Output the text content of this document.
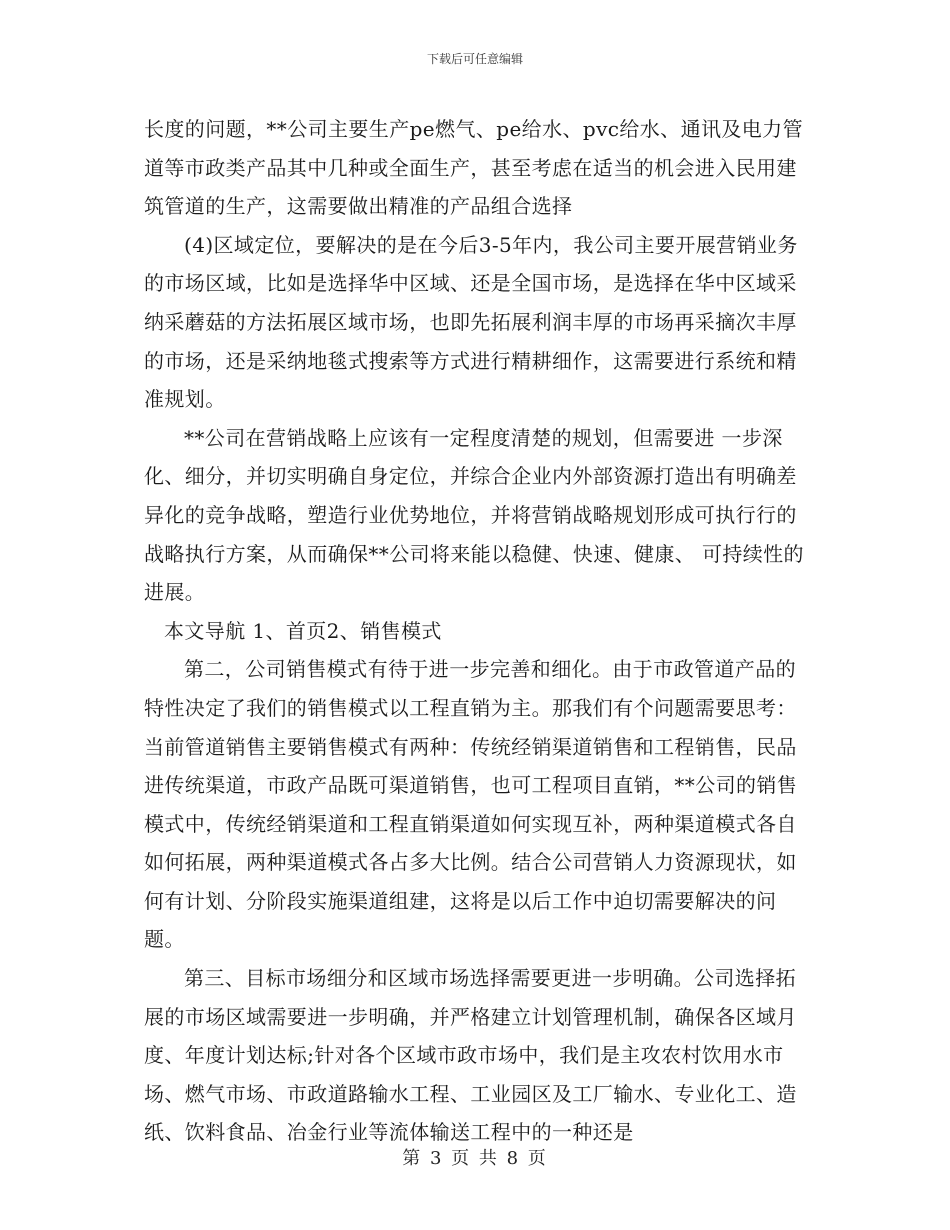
下载后可任意编辑

长度的问题，**公司主要生产pe燃气、pe给水、pvc给水、通讯及电力管道等市政类产品其中几种或全面生产，甚至考虑在适当的机会进入民用建筑管道的生产，这需要做出精准的产品组合选择

(4)区域定位，要解决的是在今后3-5年内，我公司主要开展营销业务的市场区域，比如是选择华中区域、还是全国市场，是选择在华中区域采纳采蘑菇的方法拓展区域市场，也即先拓展利润丰厚的市场再采摘次丰厚的市场，还是采纳地毯式搜索等方式进行精耕细作，这需要进行系统和精准规划。

**公司在营销战略上应该有一定程度清楚的规划，但需要进 一步深化、细分，并切实明确自身定位，并综合企业内外部资源打造出有明确差异化的竞争战略，塑造行业优势地位，并将营销战略规划形成可执行行的战略执行方案，从而确保**公司将来能以稳健、快速、健康、 可持续性的进展。

本文导航 1、首页2、销售模式

第二，公司销售模式有待于进一步完善和细化。由于市政管道产品的特性决定了我们的销售模式以工程直销为主。那我们有个问题需要思考：当前管道销售主要销售模式有两种：传统经销渠道销售和工程销售，民品进传统渠道，市政产品既可渠道销售，也可工程项目直销，**公司的销售模式中，传统经销渠道和工程直销渠道如何实现互补，两种渠道模式各自如何拓展，两种渠道模式各占多大比例。结合公司营销人力资源现状，如何有计划、分阶段实施渠道组建，这将是以后工作中迫切需要解决的问题。

第三、目标市场细分和区域市场选择需要更进一步明确。公司选择拓展的市场区域需要进一步明确，并严格建立计划管理机制，确保各区域月度、年度计划达标;针对各个区域市政市场中，我们是主攻农村饮用水市场、燃气市场、市政道路输水工程、工业园区及工厂输水、专业化工、造纸、饮料食品、冶金行业等流体输送工程中的一种还是

第 3 页 共 8 页
